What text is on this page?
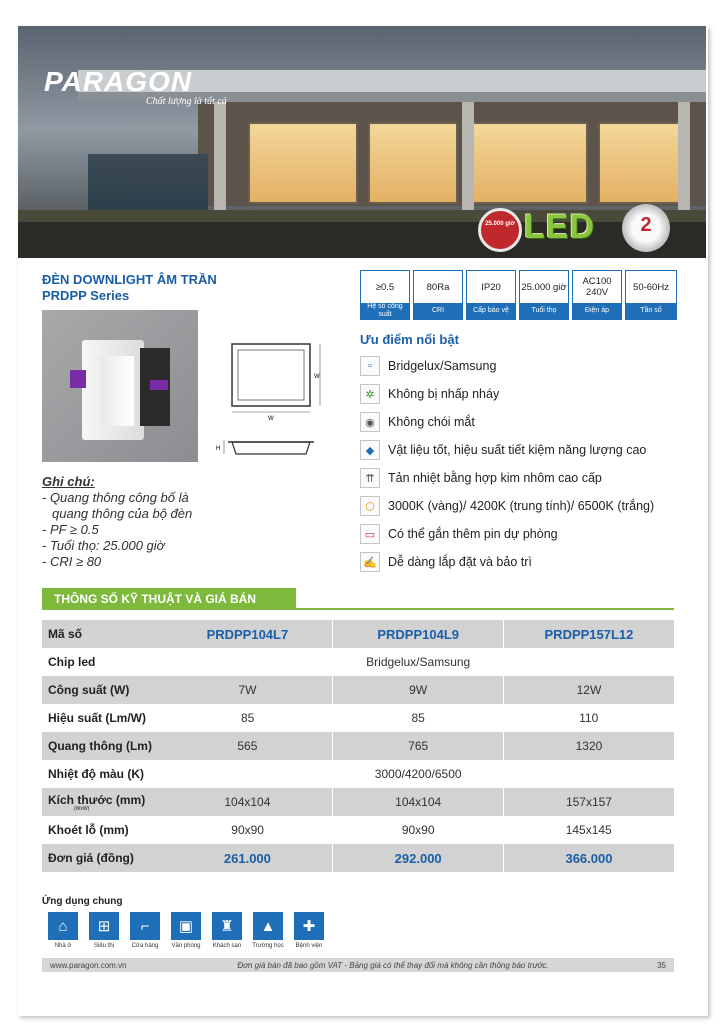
PARAGON
Chất lượng là tất cả
25.000 giờ LED	2
ĐÈN DOWNLIGHT ÂM TRẦN
PRDPP Series
≥0.5
Hệ số công suất
80Ra
CRI
IP20
Cấp bảo vệ
25.000 giờ
Tuổi thọ
AC100 240V
Điện áp
50-60Hz
Tần số
W
W
H
Ghi chú:
- Quang thông công bố là
quang thông của bộ đèn
- PF ≥ 0.5
- Tuổi thọ: 25.000 giờ
- CRI ≥ 80
Ưu điểm nổi bật
▫	Bridgelux/Samsung
✲	Không bị nhấp nháy
◉	Không chói mắt
◆	Vật liệu tốt, hiệu suất tiết kiệm năng lượng cao
⇈	Tản nhiệt bằng hợp kim nhôm cao cấp
⬡	3000K (vàng)/ 4200K (trung tính)/ 6500K (trắng)
▭	Có thể gắn thêm pin dự phòng
✍ Dễ dàng lắp đặt và bảo trì
THÔNG SỐ KỸ THUẬT VÀ GIÁ BÁN
Mã số	PRDPP104L7	PRDPP104L9	PRDPP157L12
Chip led	Bridgelux/Samsung		
Công suất (W)	7W	9W	12W
Hiệu suất (Lm/W)	85	85	110
Quang thông (Lm)	565	765	1320
Nhiệt độ màu (K)	3000/4200/6500		
Kích thước (mm)
(WxW)	104x104	104x104	157x157
Khoét lỗ (mm)	90x90	90x90	145x145
Đơn giá (đồng)	261.000	292.000	366.000
Ứng dụng chung
⌂
Nhà ở
⊞
Siêu thị
⌐
Cửa hàng
▣
Văn phòng
♜
Khách sạn
▲
Trường học
✚
Bệnh viện
www.paragon.com.vn	Đơn giá bán đã bao gồm VAT - Bảng giá có thể thay đổi mà không cần thông báo trước.	35
